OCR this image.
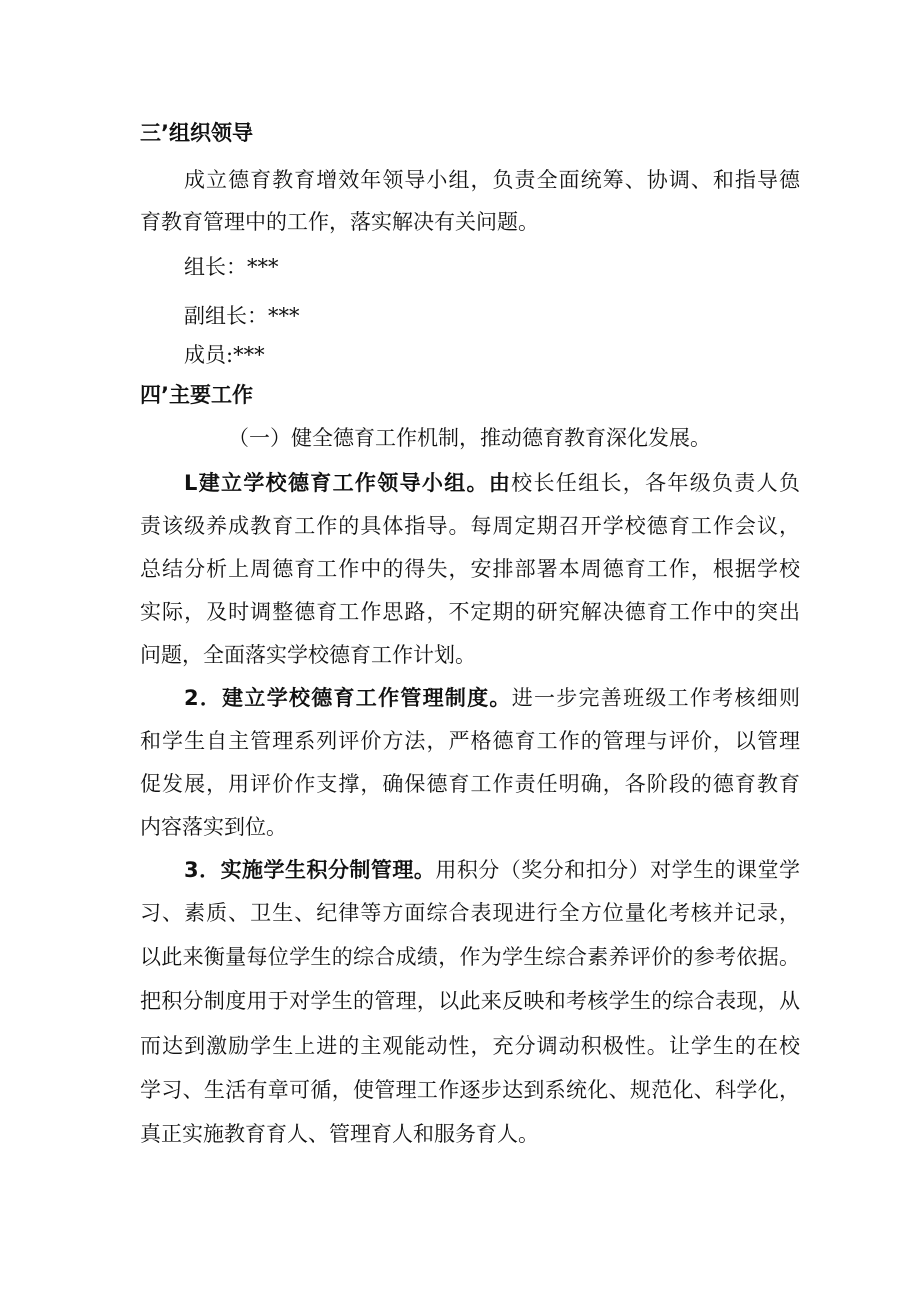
三’组织领导
成立德育教育增效年领导小组，负责全面统筹、协调、和指导德
育教育管理中的工作，落实解决有关问题。
组长：***
副组长：***
成员:***
四’主要工作
（一）健全德育工作机制，推动德育教育深化发展。
L建立学校德育工作领导小组。由校长任组长，各年级负责人负
责该级养成教育工作的具体指导。每周定期召开学校德育工作会议，
总结分析上周德育工作中的得失，安排部署本周德育工作，根据学校
实际，及时调整德育工作思路，不定期的研究解决德育工作中的突出
问题，全面落实学校德育工作计划。
2．建立学校德育工作管理制度。进一步完善班级工作考核细则
和学生自主管理系列评价方法，严格德育工作的管理与评价，以管理
促发展，用评价作支撑，确保德育工作责任明确，各阶段的德育教育
内容落实到位。
3．实施学生积分制管理。用积分（奖分和扣分）对学生的课堂学
习、素质、卫生、纪律等方面综合表现进行全方位量化考核并记录，
以此来衡量每位学生的综合成绩，作为学生综合素养评价的参考依据。
把积分制度用于对学生的管理，以此来反映和考核学生的综合表现，从
而达到激励学生上进的主观能动性，充分调动积极性。让学生的在校
学习、生活有章可循，使管理工作逐步达到系统化、规范化、科学化，
真正实施教育育人、管理育人和服务育人。
